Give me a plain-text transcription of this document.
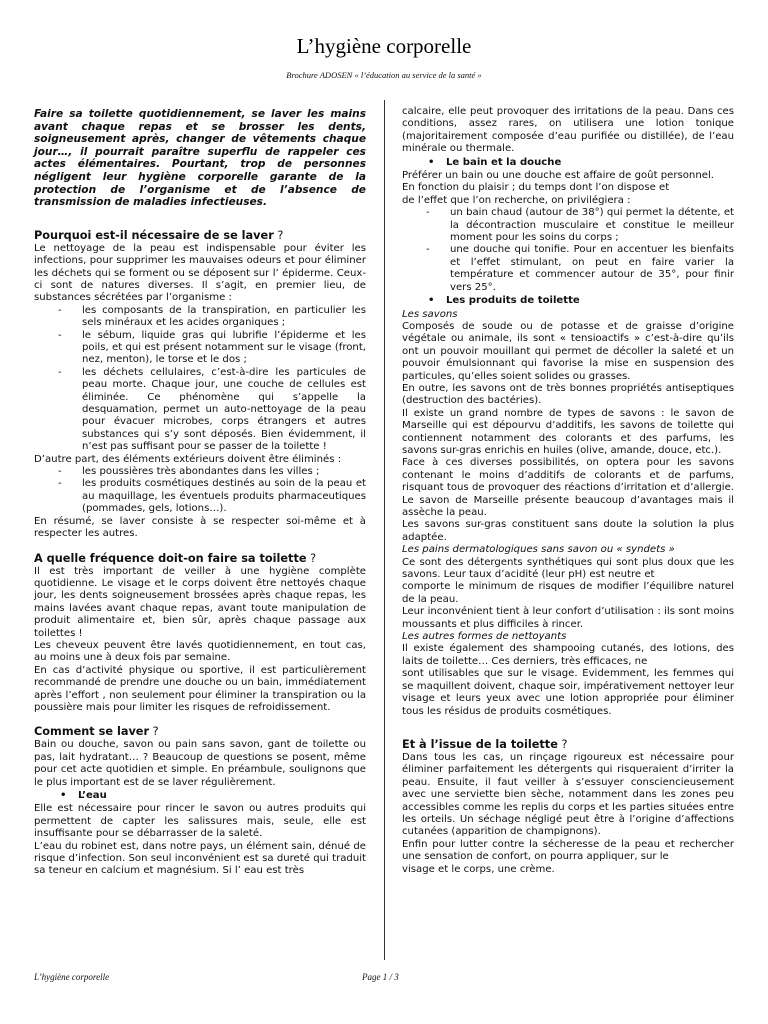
L’hygiène corporelle
Brochure ADOSEN « l’éducation au service de la santé »

Faire sa toilette quotidiennement, se laver les mains avant chaque repas et se brosser les dents, soigneusement après, changer de vêtements chaque jour…, il pourrait paraître superflu de rappeler ces actes élémentaires. Pourtant, trop de personnes négligent leur hygiène corporelle garante de la protection de l’organisme et de l’absence de transmission de maladies infectieuses.

Pourquoi est-il nécessaire de se laver ?

Le nettoyage de la peau est indispensable pour éviter les infections, pour supprimer les mauvaises odeurs et pour éliminer les déchets qui se forment ou se déposent sur l’ épiderme. Ceux-ci sont de natures diverses. Il s’agit, en premier lieu, de substances sécrétées par l’organisme :

- les composants de la transpiration, en particulier les sels minéraux et les acides organiques ;
- le sébum, liquide gras qui lubrifie l’épiderme et les poils, et qui est présent notamment sur le visage (front, nez, menton), le torse et le dos ;
- les déchets cellulaires, c’est-à-dire les particules de peau morte. Chaque jour, une couche de cellules est éliminée. Ce phénomène qui s’appelle la desquamation, permet un auto-nettoyage de la peau pour évacuer microbes, corps étrangers et autres substances qui s’y sont déposés. Bien évidemment, il n’est pas suffisant pour se passer de la toilette !

D’autre part, des éléments extérieurs doivent être éliminés :

- les poussières très abondantes dans les villes ;
- les produits cosmétiques destinés au soin de la peau et au maquillage, les éventuels produits pharmaceutiques (pommades, gels, lotions…).

En résumé, se laver consiste à se respecter soi-même et à respecter les autres.

A quelle fréquence doit-on faire sa toilette ?

Il est très important de veiller à une hygiène complète quotidienne. Le visage et le corps doivent être nettoyés chaque jour, les dents soigneusement brossées après chaque repas, les mains lavées avant chaque repas, avant toute manipulation de produit alimentaire et, bien sûr, après chaque passage aux toilettes !

Les cheveux peuvent être lavés quotidiennement, en tout cas, au moins une à deux fois par semaine.

En cas d’activité physique ou sportive, il est particulièrement recommandé de prendre une douche ou un bain, immédiatement après l’effort , non seulement pour éliminer la transpiration ou la poussière mais pour limiter les risques de refroidissement.

Comment se laver ?

Bain ou douche, savon ou pain sans savon, gant de toilette ou pas, lait hydratant… ? Beaucoup de questions se posent, même pour cet acte quotidien et simple. En préambule, soulignons que le plus important est de se laver régulièrement.

• L’eau

Elle est nécessaire pour rincer le savon ou autres produits qui permettent de capter les salissures mais, seule, elle est insuffisante pour se débarrasser de la saleté.

L’eau du robinet est, dans notre pays, un élément sain, dénué de risque d’infection. Son seul inconvénient est sa dureté qui traduit sa teneur en calcium et magnésium. Si l’ eau est très

calcaire, elle peut provoquer des irritations de la peau. Dans ces conditions, assez rares, on utilisera une lotion tonique (majoritairement composée d’eau purifiée ou distillée), de l’eau minérale ou thermale.

• Le bain et la douche

Préférer un bain ou une douche est affaire de goût personnel.

En fonction du plaisir ; du temps dont l’on dispose et

de l’effet que l’on recherche, on privilégiera :

- un bain chaud (autour de 38°) qui permet la détente, et la décontraction musculaire et constitue le meilleur moment pour les soins du corps ;
- une douche qui tonifie. Pour en accentuer les bienfaits et l’effet stimulant, on peut en faire varier la température et commencer autour de 35°, pour finir vers 25°.
• Les produits de toilette

Les savons

Composés de soude ou de potasse et de graisse d’origine végétale ou animale, ils sont « tensioactifs » c’est-à-dire qu’ils ont un pouvoir mouillant qui permet de décoller la saleté et un pouvoir émulsionnant qui favorise la mise en suspension des particules, qu’elles soient solides ou grasses.

En outre, les savons ont de très bonnes propriétés antiseptiques (destruction des bactéries).

Il existe un grand nombre de types de savons : le savon de Marseille qui est dépourvu d’additifs, les savons de toilette qui contiennent notamment des colorants et des parfums, les savons sur-gras enrichis en huiles (olive, amande, douce, etc.).

Face à ces diverses possibilités, on optera pour les savons contenant le moins d’additifs de colorants et de parfums, risquant tous de provoquer des réactions d’irritation et d’allergie. Le savon de Marseille présente beaucoup d’avantages mais il assèche la peau.

Les savons sur-gras constituent sans doute la solution la plus adaptée.

Les pains dermatologiques sans savon ou « syndets »

Ce sont des détergents synthétiques qui sont plus doux que les savons. Leur taux d’acidité (leur pH) est neutre et

comporte le minimum de risques de modifier l’équilibre naturel de la peau.

Leur inconvénient tient à leur confort d’utilisation : ils sont moins moussants et plus difficiles à rincer.

Les autres formes de nettoyants

Il existe également des shampooing cutanés, des lotions, des laits de toilette… Ces derniers, très efficaces, ne

sont utilisables que sur le visage. Evidemment, les femmes qui se maquillent doivent, chaque soir, impérativement nettoyer leur visage et leurs yeux avec une lotion appropriée pour éliminer tous les résidus de produits cosmétiques.

Et à l’issue de la toilette ?

Dans tous les cas, un rinçage rigoureux est nécessaire pour éliminer parfaitement les détergents qui risqueraient d’irriter la peau. Ensuite, il faut veiller à s’essuyer consciencieusement avec une serviette bien sèche, notamment dans les zones peu accessibles comme les replis du corps et les parties situées entre les orteils. Un séchage négligé peut être à l’origine d’affections cutanées (apparition de champignons).

Enfin pour lutter contre la sécheresse de la peau et rechercher une sensation de confort, on pourra appliquer, sur le

visage et le corps, une crème.

L’hygiène corporelle	Page 1 / 3
